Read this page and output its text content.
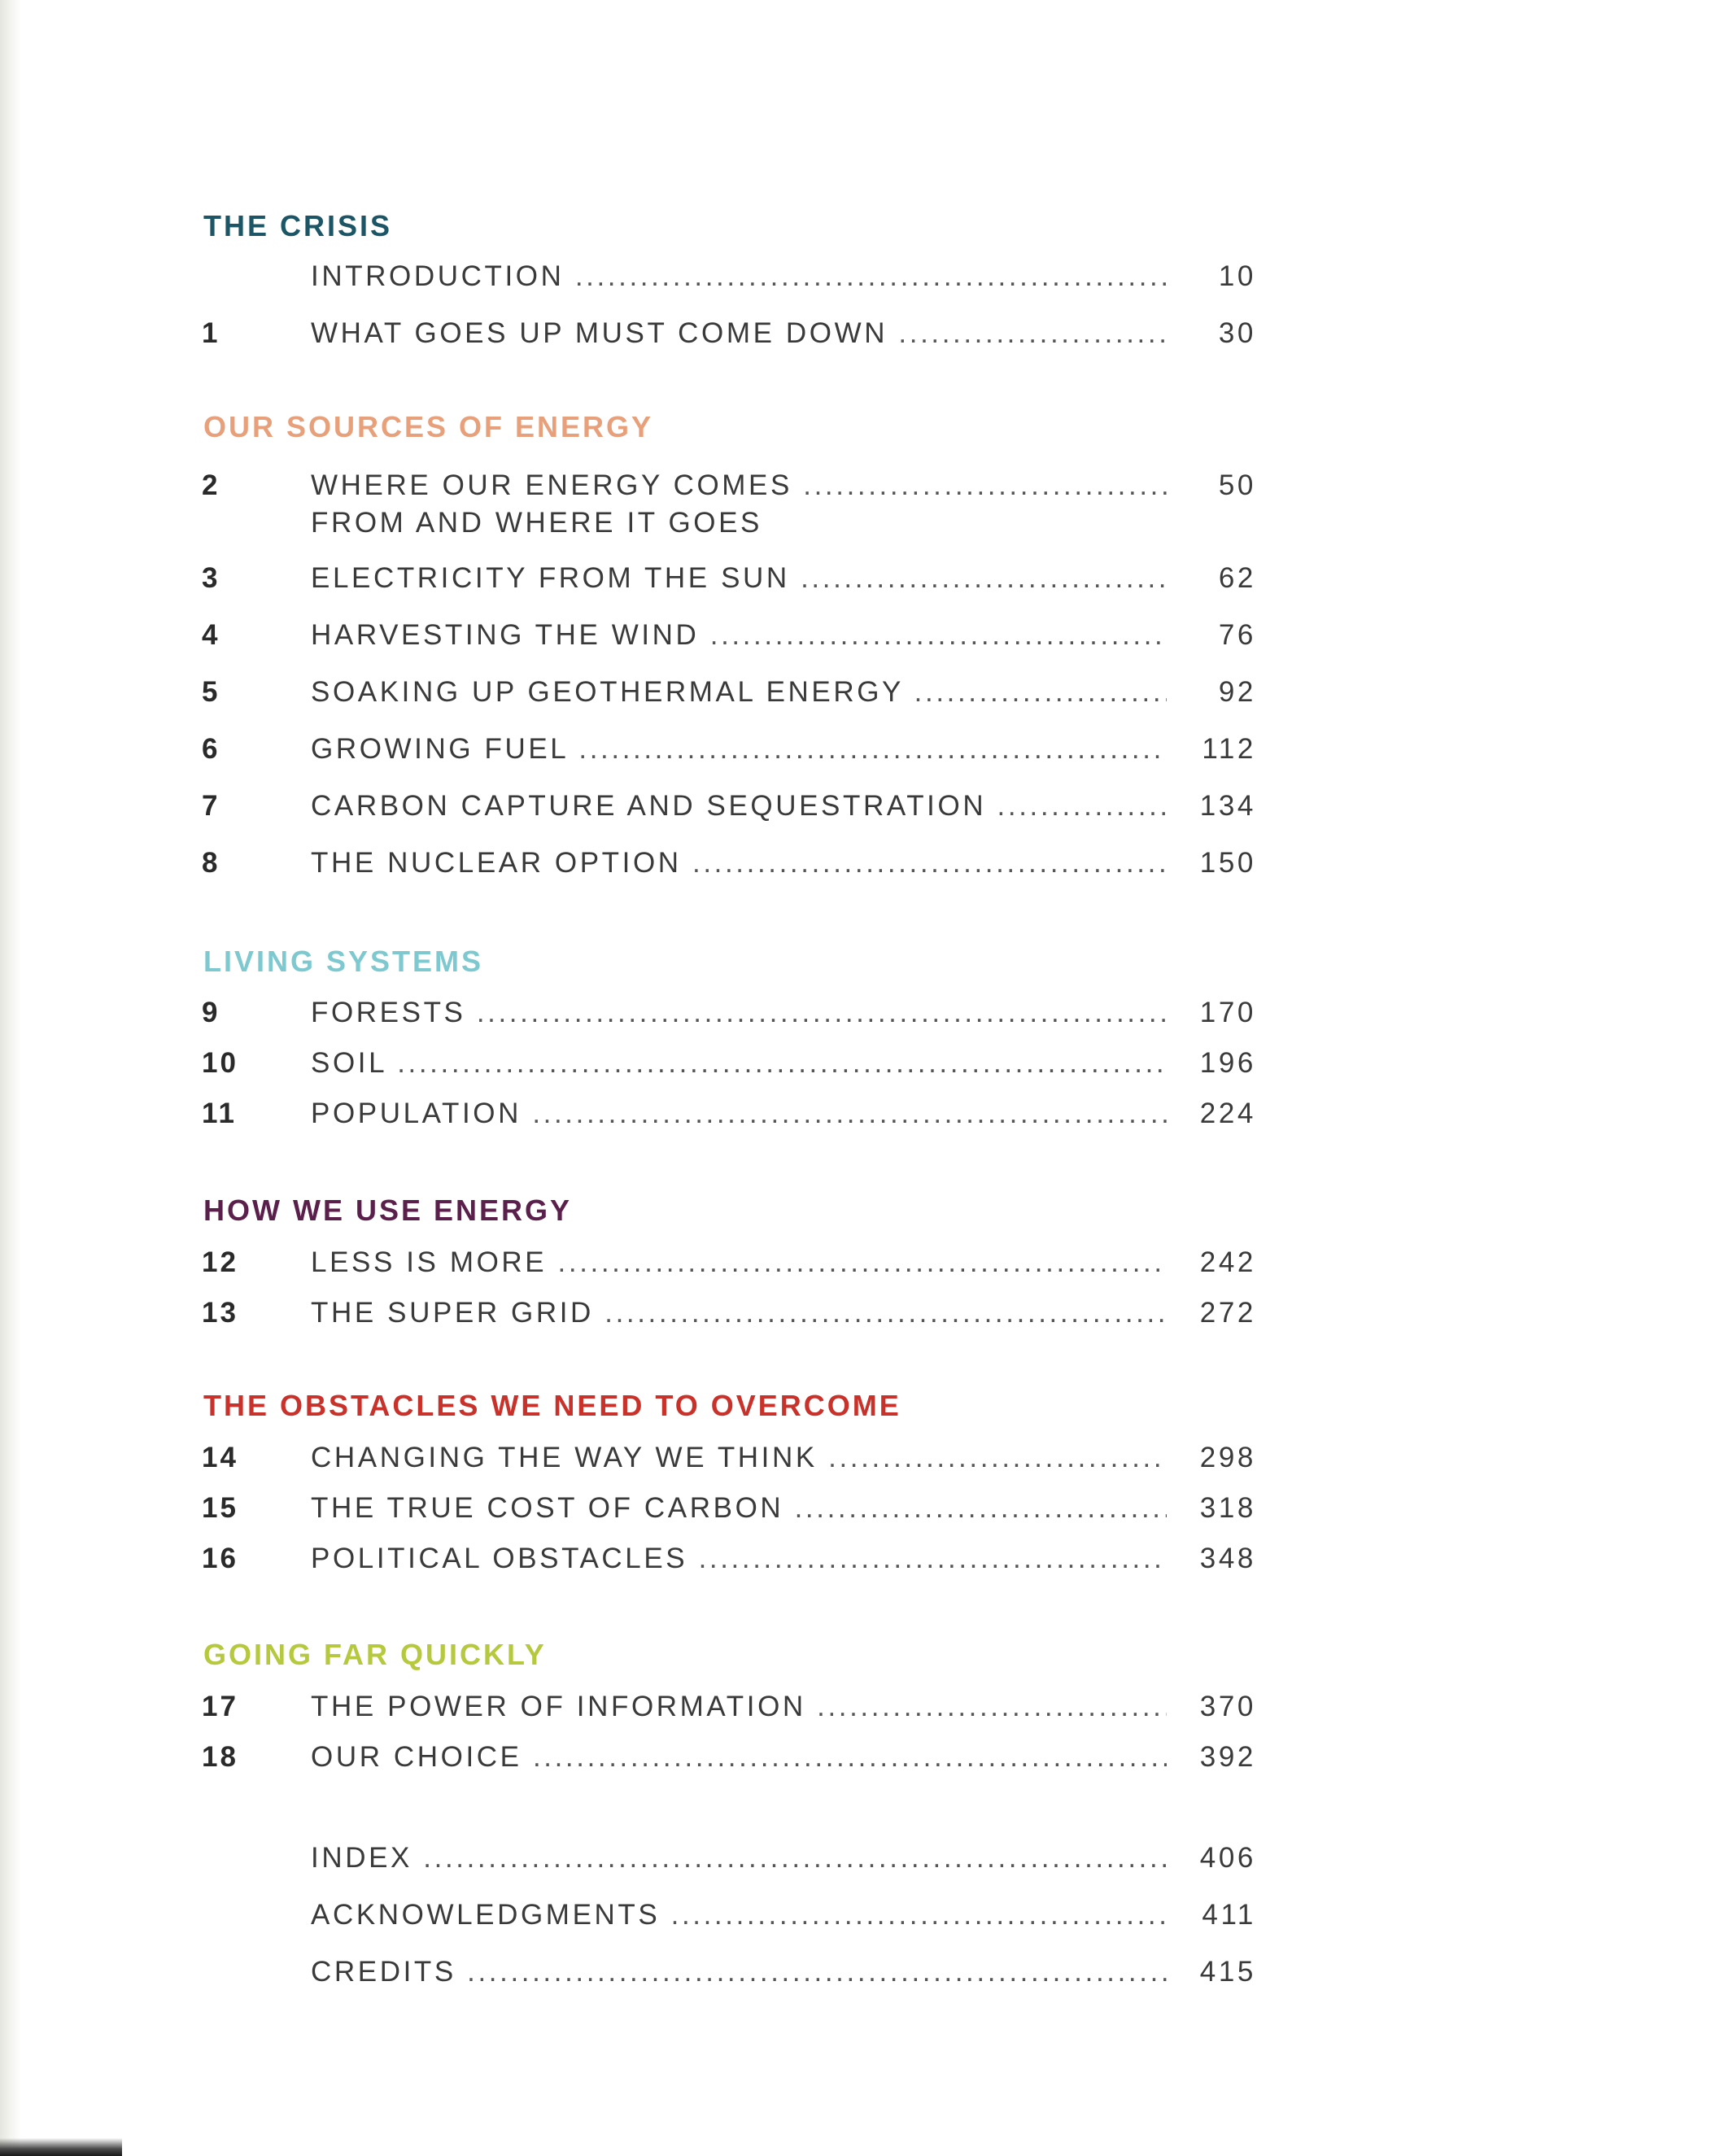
THE CRISIS
INTRODUCTION .....	10
1	WHAT GOES UP MUST COME DOWN .....	30
OUR SOURCES OF ENERGY
2	WHERE OUR ENERGY COMES .....	50
FROM AND WHERE IT GOES
3	ELECTRICITY FROM THE SUN .....	62
4	HARVESTING THE WIND .....	76
5	SOAKING UP GEOTHERMAL ENERGY .....	92
6	GROWING FUEL .....	112
7	CARBON CAPTURE AND SEQUESTRATION .....	134
8	THE NUCLEAR OPTION .....	150
LIVING SYSTEMS
9	FORESTS .....	170
10	SOIL .....	196
11	POPULATION .....	224
HOW WE USE ENERGY
12	LESS IS MORE .....	242
13	THE SUPER GRID .....	272
THE OBSTACLES WE NEED TO OVERCOME
14	CHANGING THE WAY WE THINK .....	298
15	THE TRUE COST OF CARBON .....	318
16	POLITICAL OBSTACLES .....	348
GOING FAR QUICKLY
17	THE POWER OF INFORMATION .....	370
18	OUR CHOICE .....	392
INDEX .....	406
ACKNOWLEDGMENTS .....	411
CREDITS .....	415
